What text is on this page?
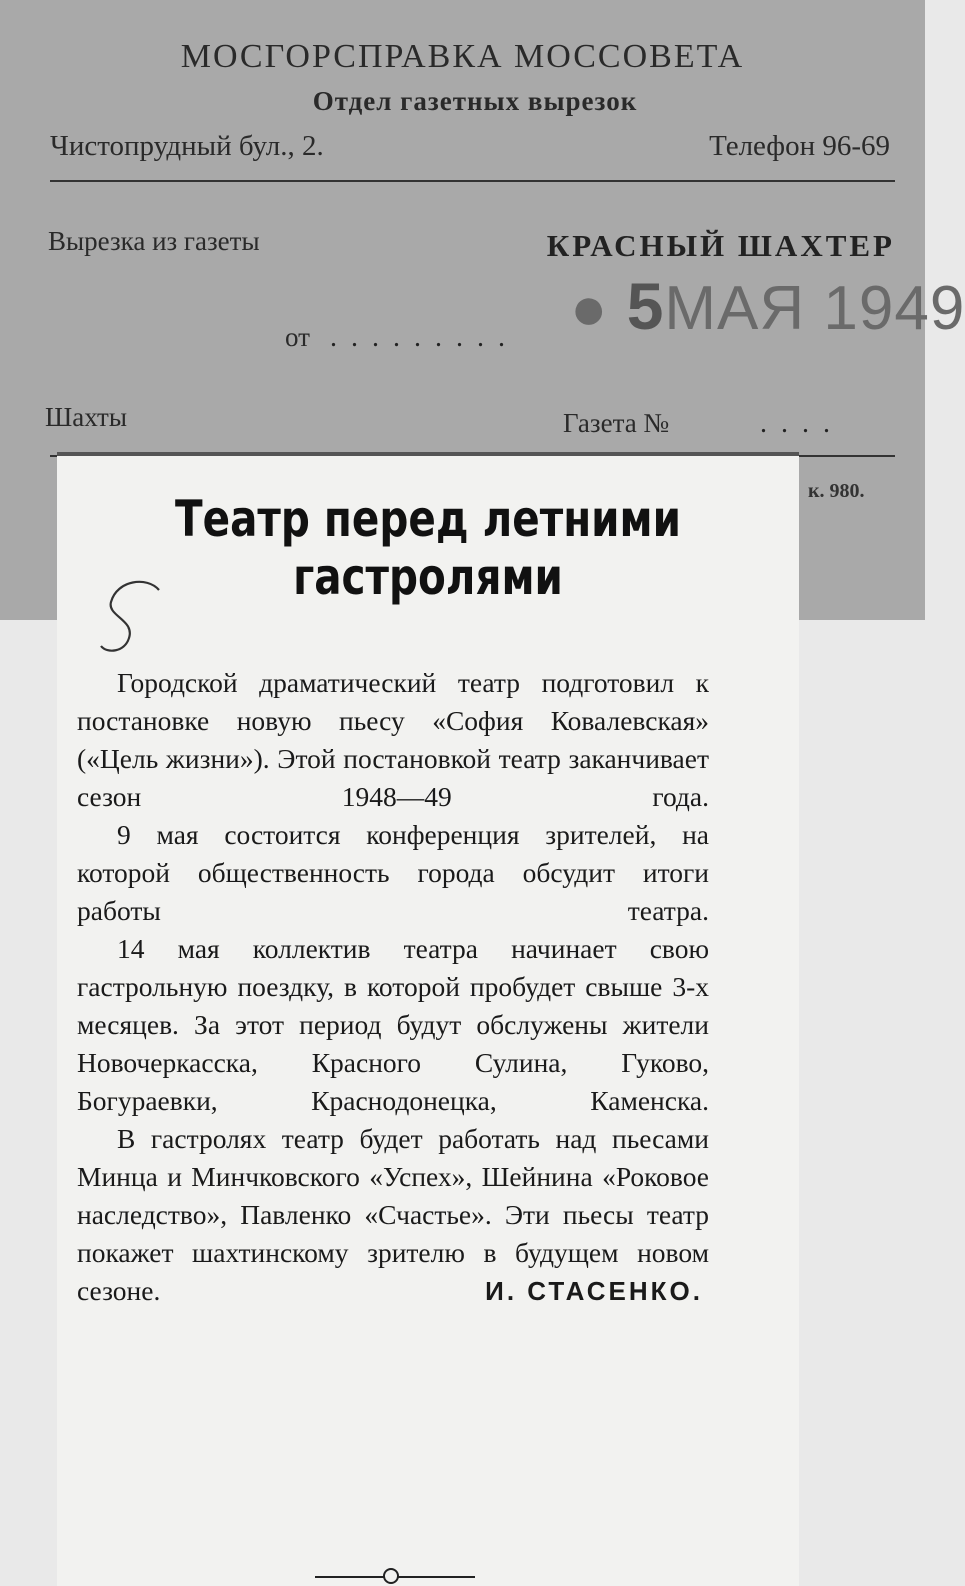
МОСГОРСПРАВКА МОССОВЕТА
Отдел газетных вырезок
Чистопрудный бул., 2.	Телефон 96-69
Вырезка из газеты	КРАСНЫЙ ШАХТЕР
● 5МАЯ 1949
от .........
Шахты	Газета №	....
к. 980.
Театр перед летними
гастролями

Городской драматический театр подготовил к постановке новую пьесу «София Ковалевская» («Цель жизни»). Этой постановкой театр заканчивает сезон 1948—49 года.

9 мая состоится конференция зрителей, на которой общественность города обсудит итоги работы театра.

14 мая коллектив театра начинает свою гастрольную поездку, в которой пробудет свыше 3-х месяцев. За этот период будут обслужены жители Новочеркасска, Красного Сулина, Гуково, Богураевки, Краснодонецка, Каменска.

В гастролях театр будет работать над пьесами Минца и Минчковского «Успех», Шейнина «Роковое наследство», Павленко «Счастье». Эти пьесы театр покажет шахтинскому зрителю в будущем новом

сезоне.	И. СТАСЕНКО.
